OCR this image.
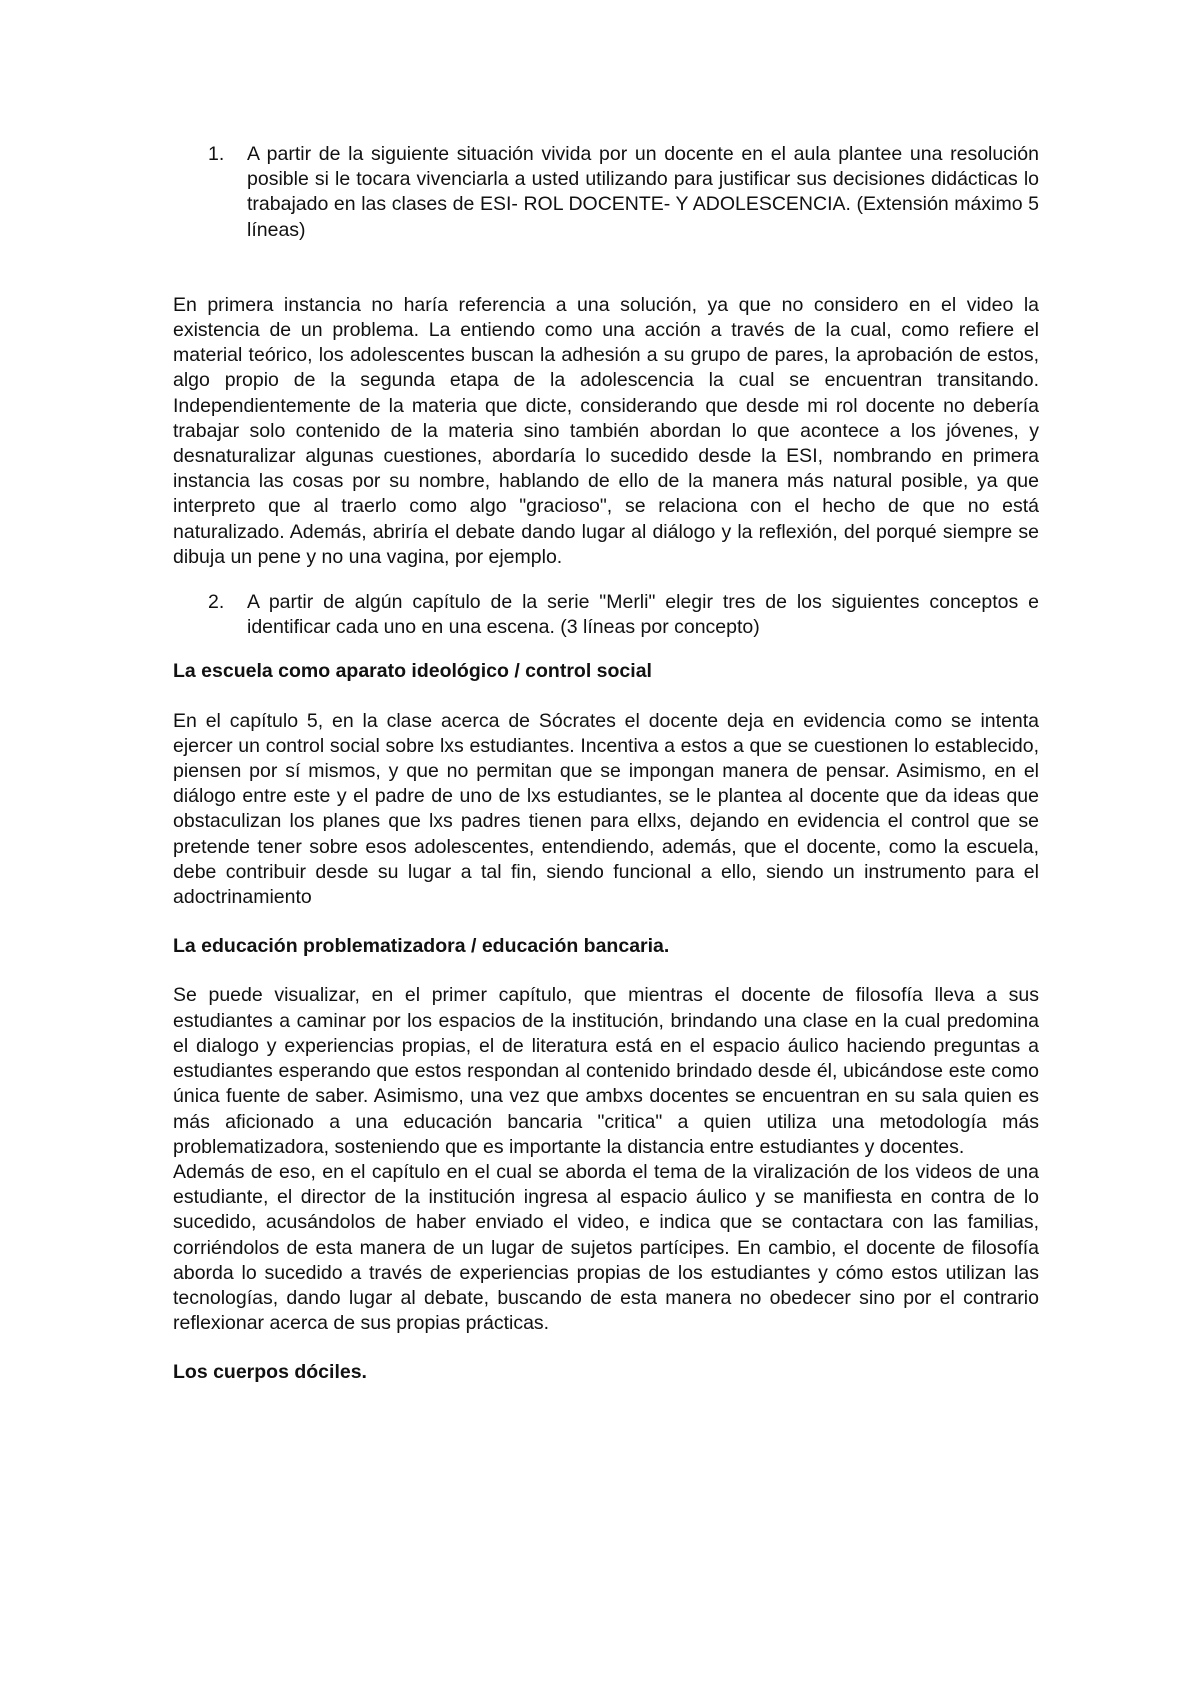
1.	A partir de la siguiente situación vivida por un docente en el aula plantee una resolución posible si le tocara vivenciarla a usted utilizando para justificar sus decisiones didácticas lo trabajado en las clases de ESI- ROL DOCENTE- Y ADOLESCENCIA. (Extensión máximo 5 líneas)

En primera instancia no haría referencia a una solución, ya que no considero en el video la existencia de un problema. La entiendo como una acción a través de la cual, como refiere el material teórico, los adolescentes buscan la adhesión a su grupo de pares, la aprobación de estos, algo propio de la segunda etapa de la adolescencia la cual se encuentran transitando. Independientemente de la materia que dicte, considerando que desde mi rol docente no debería trabajar solo contenido de la materia sino también abordan lo que acontece a los jóvenes, y desnaturalizar algunas cuestiones, abordaría lo sucedido desde la ESI, nombrando en primera instancia las cosas por su nombre, hablando de ello de la manera más natural posible, ya que interpreto que al traerlo como algo "gracioso", se relaciona con el hecho de que no está naturalizado. Además, abriría el debate dando lugar al diálogo y la reflexión, del porqué siempre se dibuja un pene y no una vagina, por ejemplo.

2.	A partir de algún capítulo de la serie "Merli" elegir tres de los siguientes conceptos e identificar cada uno en una escena. (3 líneas por concepto)

La escuela como aparato ideológico / control social

En el capítulo 5, en la clase acerca de Sócrates el docente deja en evidencia como se intenta ejercer un control social sobre lxs estudiantes. Incentiva a estos a que se cuestionen lo establecido, piensen por sí mismos, y que no permitan que se impongan manera de pensar. Asimismo, en el diálogo entre este y el padre de uno de lxs estudiantes, se le plantea al docente que da ideas que obstaculizan los planes que lxs padres tienen para ellxs, dejando en evidencia el control que se pretende tener sobre esos adolescentes, entendiendo, además, que el docente, como la escuela, debe contribuir desde su lugar a tal fin, siendo funcional a ello, siendo un instrumento para el adoctrinamiento

La educación problematizadora / educación bancaria.

Se puede visualizar, en el primer capítulo, que mientras el docente de filosofía lleva a sus estudiantes a caminar por los espacios de la institución, brindando una clase en la cual predomina el dialogo y experiencias propias, el de literatura está en el espacio áulico haciendo preguntas a estudiantes esperando que estos respondan al contenido brindado desde él, ubicándose este como única fuente de saber. Asimismo, una vez que ambxs docentes se encuentran en su sala quien es más aficionado a una educación bancaria "critica" a quien utiliza una metodología más problematizadora, sosteniendo que es importante la distancia entre estudiantes y docentes.

Además de eso, en el capítulo en el cual se aborda el tema de la viralización de los videos de una estudiante, el director de la institución ingresa al espacio áulico y se manifiesta en contra de lo sucedido, acusándolos de haber enviado el video, e indica que se contactara con las familias, corriéndolos de esta manera de un lugar de sujetos partícipes. En cambio, el docente de filosofía aborda lo sucedido a través de experiencias propias de los estudiantes y cómo estos utilizan las tecnologías, dando lugar al debate, buscando de esta manera no obedecer sino por el contrario reflexionar acerca de sus propias prácticas.

Los cuerpos dóciles.
